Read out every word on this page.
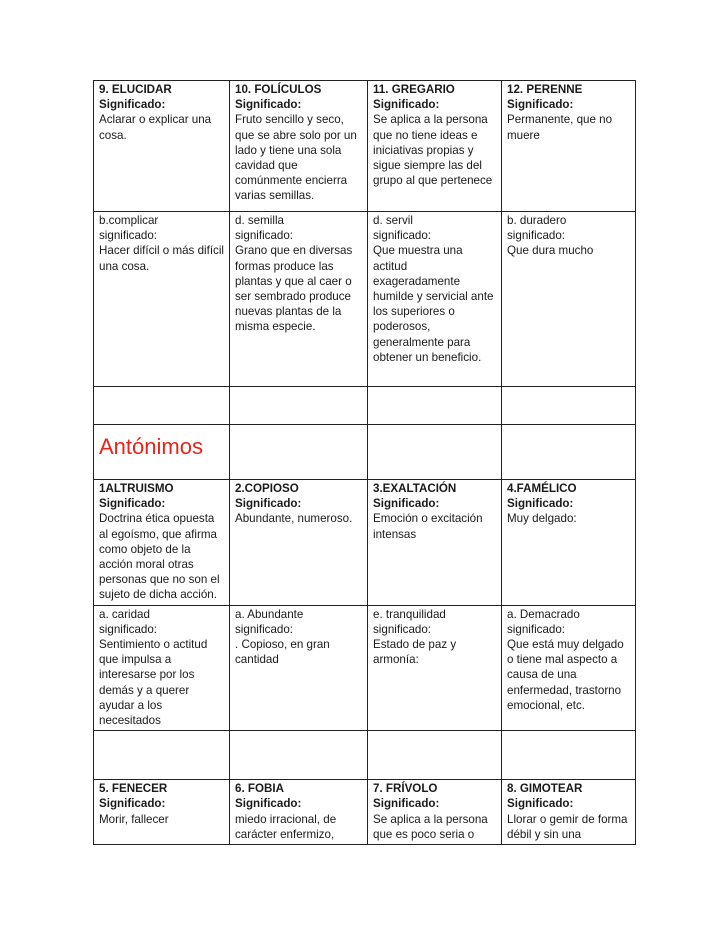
9. ELUCIDAR
Significado:
Aclarar o explicar una cosa.	10. FOLÍCULOS
Significado:
Fruto sencillo y seco, que se abre solo por un lado y tiene una sola cavidad que comúnmente encierra varias semillas.	11. GREGARIO
Significado:
Se aplica a la persona que no tiene ideas e iniciativas propias y sigue siempre las del grupo al que pertenece	12. PERENNE
Significado:
Permanente, que no muere

b.complicar
significado:
Hacer difícil o más difícil una cosa.	d. semilla
significado:
Grano que en diversas formas produce las plantas y que al caer o ser sembrado produce nuevas plantas de la misma especie.	d. servil
significado:
Que muestra una actitud exageradamente humilde y servicial ante los superiores o poderosos, generalmente para obtener un beneficio.	b. duradero
significado:
Que dura mucho

Antónimos			

1ALTRUISMO
Significado:
Doctrina ética opuesta al egoísmo, que afirma como objeto de la acción moral otras personas que no son el sujeto de dicha acción.	2.COPIOSO
Significado:
Abundante, numeroso.	3.EXALTACIÓN
Significado:
Emoción o excitación intensas	4.FAMÉLICO
Significado:
Muy delgado:

a. caridad
significado:
Sentimiento o actitud que impulsa a interesarse por los demás y a querer ayudar a los necesitados	a. Abundante
significado:
. Copioso, en gran cantidad	e. tranquilidad
significado:
Estado de paz y armonía:	a. Demacrado
significado:
Que está muy delgado o tiene mal aspecto a causa de una enfermedad, trastorno emocional, etc.

5. FENECER
Significado:
Morir, fallecer	6. FOBIA
Significado:
miedo irracional, de carácter enfermizo,	7. FRÍVOLO
Significado:
Se aplica a la persona que es poco seria o	8. GIMOTEAR
Significado:
Llorar o gemir de forma débil y sin una
